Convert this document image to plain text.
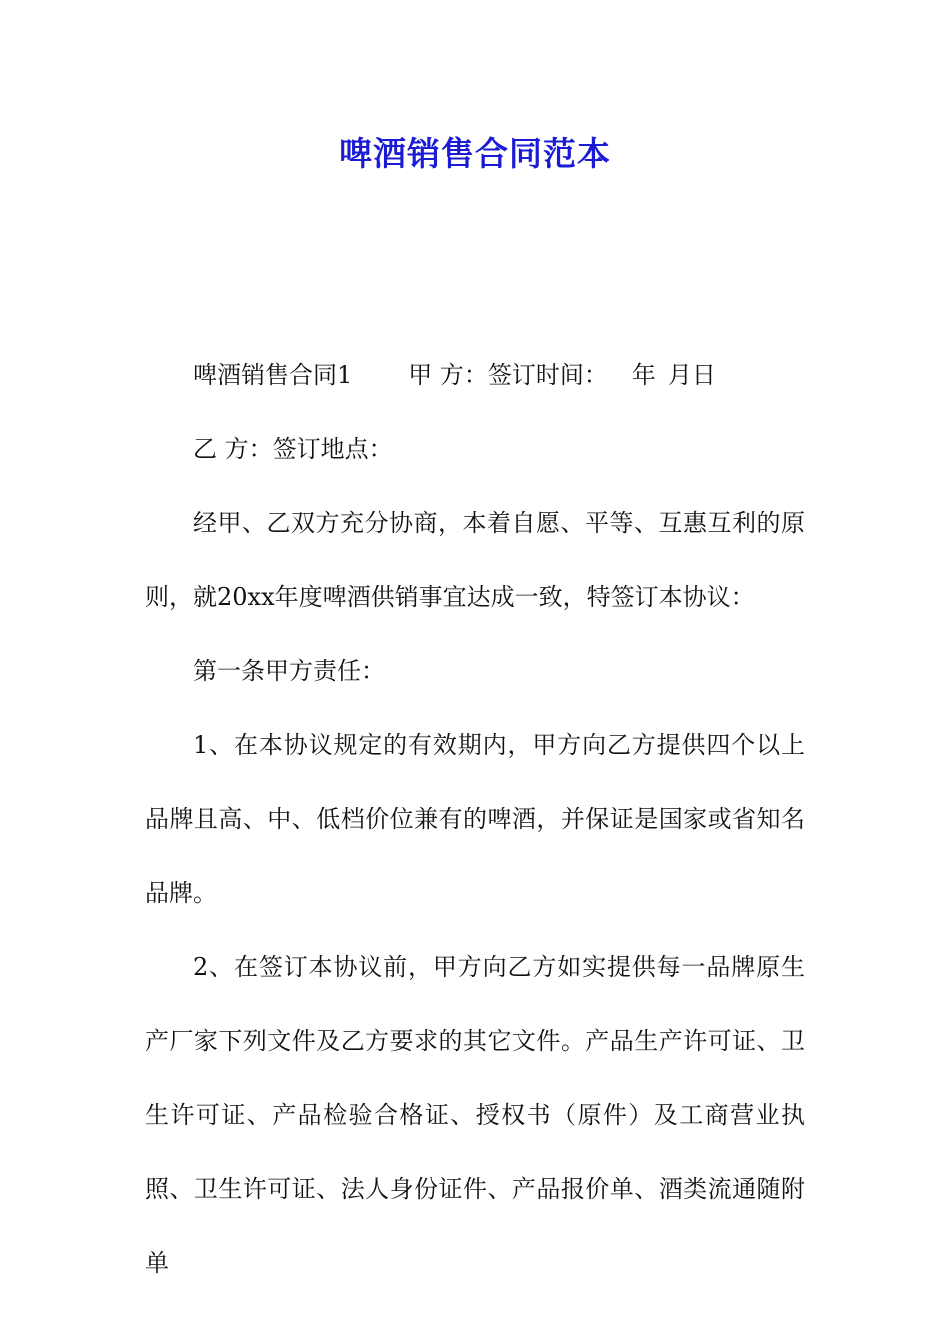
啤酒销售合同范本

啤酒销售合同1 甲 方：签订时间： 年 月日

乙 方：签订地点：

经甲、乙双方充分协商，本着自愿、平等、互惠互利的原则，就20xx年度啤酒供销事宜达成一致，特签订本协议：

第一条甲方责任：

1、在本协议规定的有效期内，甲方向乙方提供四个以上品牌且高、中、低档价位兼有的啤酒，并保证是国家或省知名品牌。

2、在签订本协议前，甲方向乙方如实提供每一品牌原生产厂家下列文件及乙方要求的其它文件。产品生产许可证、卫生许可证、产品检验合格证、授权书（原件）及工商营业执照、卫生许可证、法人身份证件、产品报价单、酒类流通随附单
